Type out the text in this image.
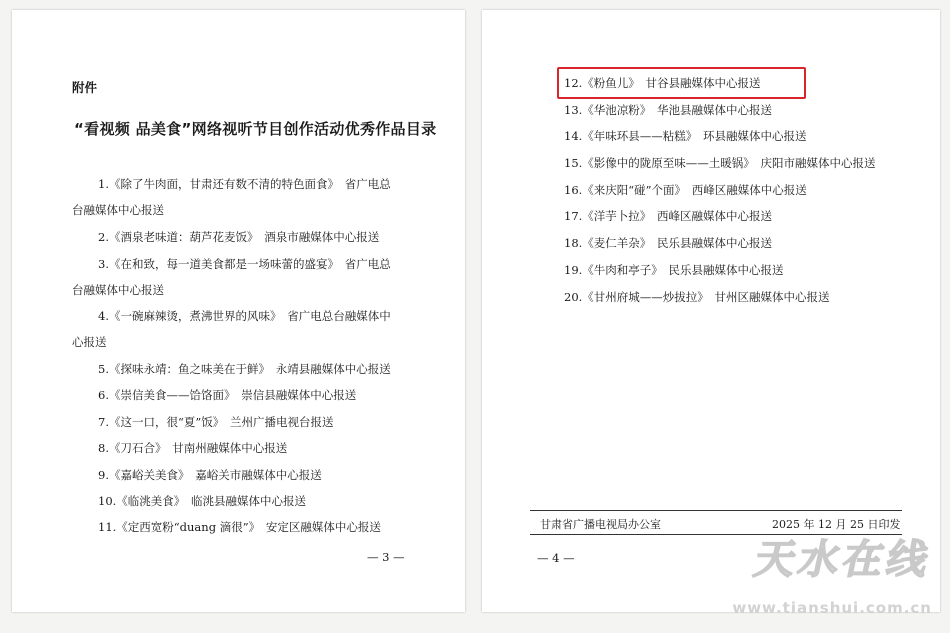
附件
“看视频 品美食”网络视听节目创作活动优秀作品目录
1.《除了牛肉面，甘肃还有数不清的特色面食》　省广电总
台融媒体中心报送
2.《酒泉老味道：葫芦花麦饭》　酒泉市融媒体中心报送
3.《在和致，每一道美食都是一场味蕾的盛宴》　省广电总
台融媒体中心报送
4.《一碗麻辣烫，煮沸世界的风味》　省广电总台融媒体中
心报送
5.《探味永靖：鱼之味美在于鲜》　永靖县融媒体中心报送
6.《崇信美食——饸饹面》　崇信县融媒体中心报送
7.《这一口，很“夏”饭》　兰州广播电视台报送
8.《刀石合》　甘南州融媒体中心报送
9.《嘉峪关美食》　嘉峪关市融媒体中心报送
10.《临洮美食》　临洮县融媒体中心报送
11.《定西宽粉“duang 滴很”》　安定区融媒体中心报送
— 3 —
12.《粉鱼儿》　甘谷县融媒体中心报送
13.《华池凉粉》　华池县融媒体中心报送
14.《年味环县——粘糕》　环县融媒体中心报送
15.《影像中的陇原至味——土暖锅》　庆阳市融媒体中心报送
16.《来庆阳“碰”个面》　西峰区融媒体中心报送
17.《洋芋卜拉》　西峰区融媒体中心报送
18.《麦仁羊杂》　民乐县融媒体中心报送
19.《牛肉和亭子》　民乐县融媒体中心报送
20.《甘州府城——炒拔拉》　甘州区融媒体中心报送
甘肃省广播电视局办公室	2025 年 12 月 25 日印发
— 4 —	天水在线
www.tianshui.com.cn
